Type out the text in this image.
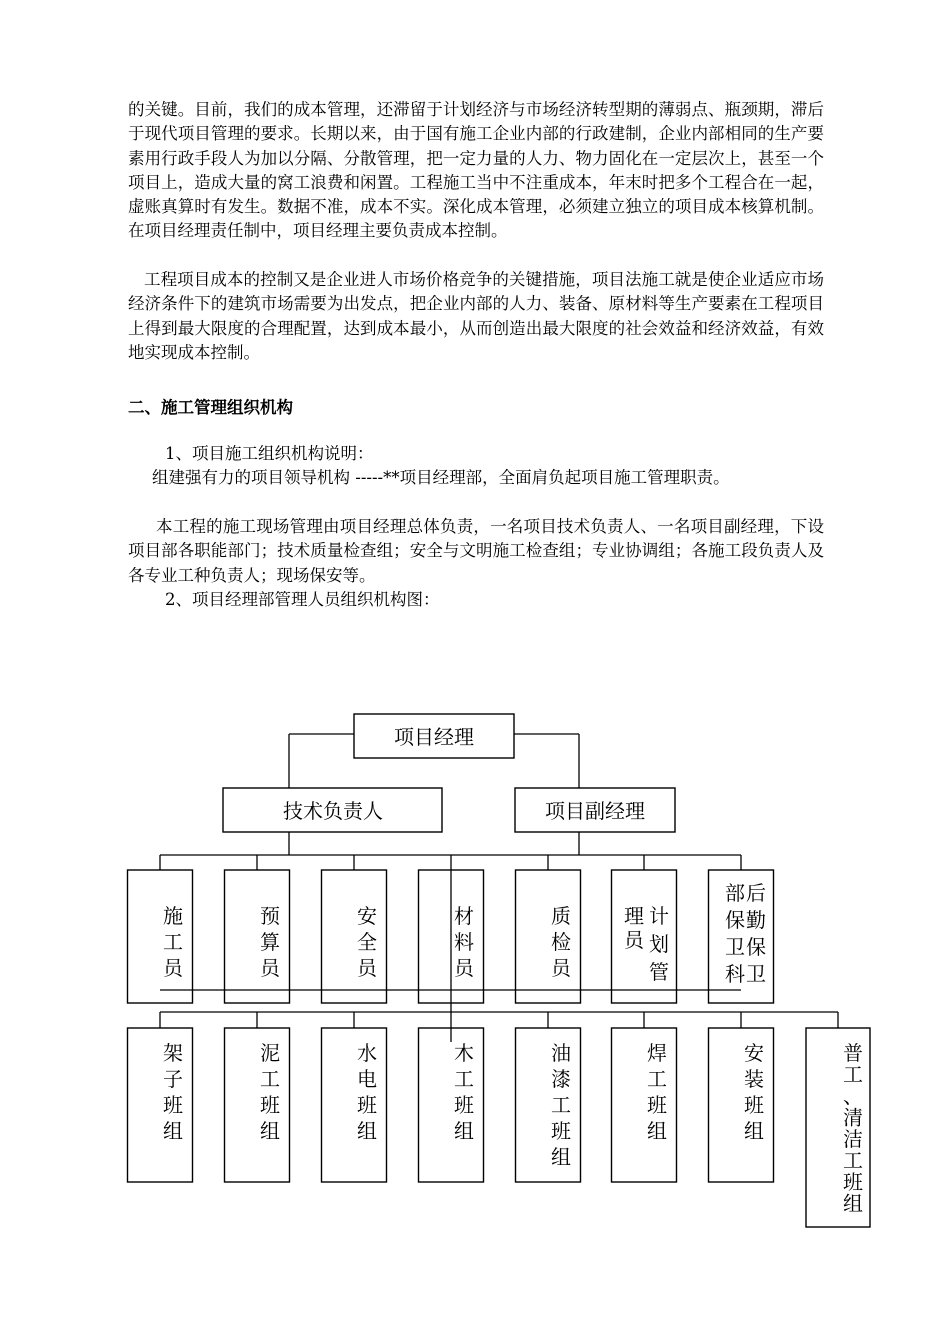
的关键。目前，我们的成本管理，还滞留于计划经济与市场经济转型期的薄弱点、瓶颈期，滞后于现代项目管理的要求。长期以来，由于国有施工企业内部的行政建制，企业内部相同的生产要素用行政手段人为加以分隔、分散管理，把一定力量的人力、物力固化在一定层次上，甚至一个项目上，造成大量的窝工浪费和闲置。工程施工当中不注重成本，年末时把多个工程合在一起，虚账真算时有发生。数据不准，成本不实。深化成本管理，必须建立独立的项目成本核算机制。在项目经理责任制中，项目经理主要负责成本控制。

工程项目成本的控制又是企业进人市场价格竞争的关键措施，项目法施工就是使企业适应市场经济条件下的建筑市场需要为出发点，把企业内部的人力、装备、原材料等生产要素在工程项目上得到最大限度的合理配置，达到成本最小，从而创造出最大限度的社会效益和经济效益，有效地实现成本控制。

二、施工管理组织机构

1、项目施工组织机构说明：

组建强有力的项目领导机构 -----**项目经理部，全面肩负起项目施工管理职责。

本工程的施工现场管理由项目经理总体负责，一名项目技术负责人、一名项目副经理，下设项目部各职能部门；技术质量检查组；安全与文明施工检查组；专业协调组；各施工段负责人及各专业工种负责人；现场保安等。

2、项目经理部管理人员组织机构图：

项目经理
技术负责人	项目副经理
施
工
员
预
算
员
安
全
员
材
料
员
质
检
员
计
划
管
理
员
后
勤
保
卫
部
保
卫
科
架
子
班
组
泥
工
班
组
水
电
班
组
木
工
班
组
油
漆
工
班
组
焊
工
班
组
安
装
班
组
普
工
、
清
洁
工
班
组
